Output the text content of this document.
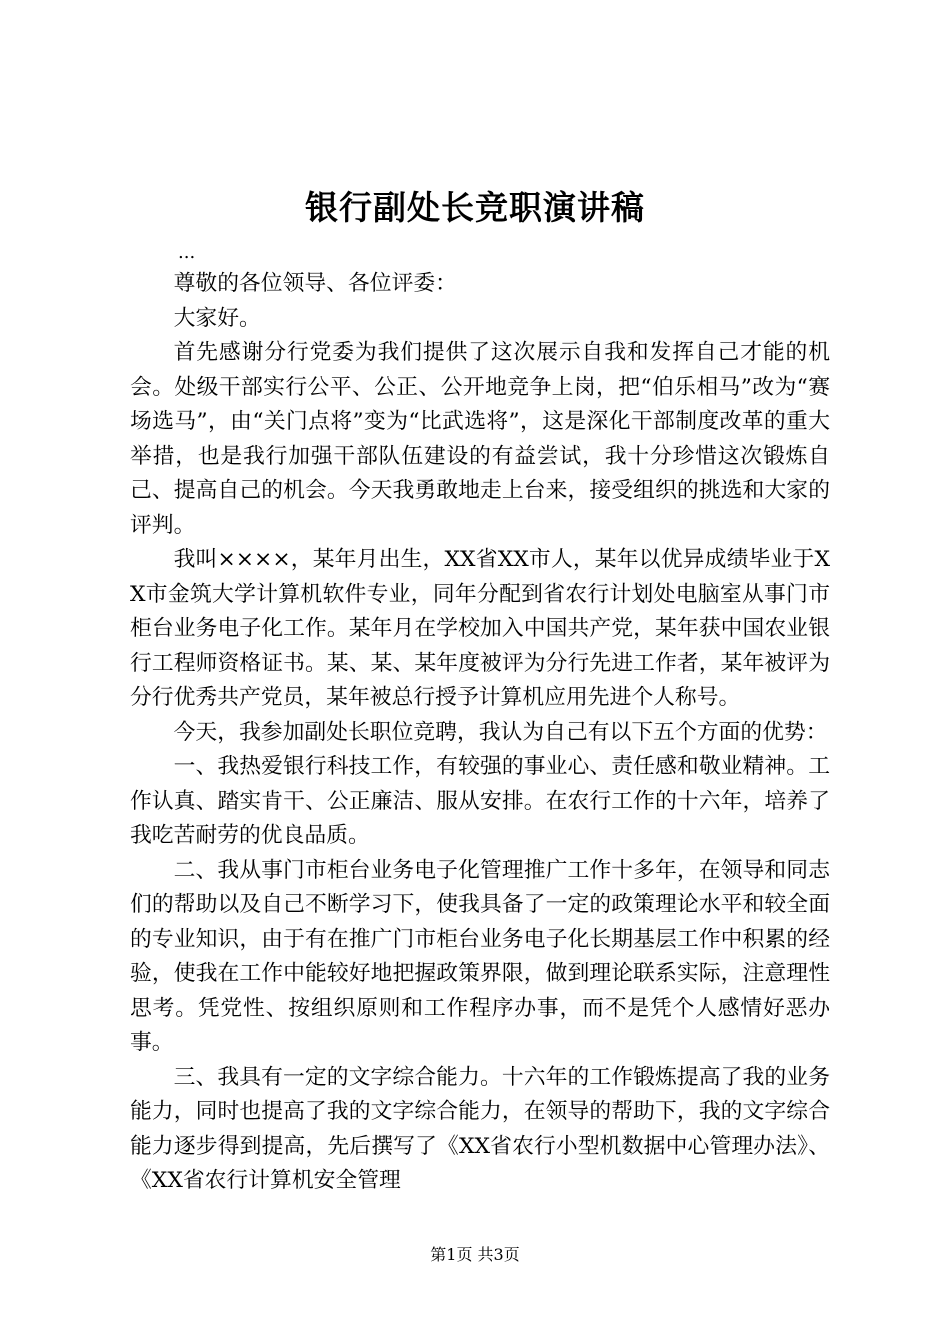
银行副处长竞职演讲稿

...

尊敬的各位领导、各位评委：

大家好。

首先感谢分行党委为我们提供了这次展示自我和发挥自己才能的机会。处级干部实行公平、公正、公开地竞争上岗，把“伯乐相马”改为“赛场选马”，由“关门点将”变为“比武选将”，这是深化干部制度改革的重大举措，也是我行加强干部队伍建设的有益尝试，我十分珍惜这次锻炼自己、提高自己的机会。今天我勇敢地走上台来，接受组织的挑选和大家的评判。

我叫××××，某年月出生，XX省XX市人，某年以优异成绩毕业于XX市金筑大学计算机软件专业，同年分配到省农行计划处电脑室从事门市柜台业务电子化工作。某年月在学校加入中国共产党，某年获中国农业银行工程师资格证书。某、某、某年度被评为分行先进工作者，某年被评为分行优秀共产党员，某年被总行授予计算机应用先进个人称号。

今天，我参加副处长职位竞聘，我认为自己有以下五个方面的优势：

一、我热爱银行科技工作，有较强的事业心、责任感和敬业精神。工作认真、踏实肯干、公正廉洁、服从安排。在农行工作的十六年，培养了我吃苦耐劳的优良品质。

二、我从事门市柜台业务电子化管理推广工作十多年，在领导和同志们的帮助以及自己不断学习下，使我具备了一定的政策理论水平和较全面的专业知识，由于有在推广门市柜台业务电子化长期基层工作中积累的经验，使我在工作中能较好地把握政策界限，做到理论联系实际，注意理性思考。凭党性、按组织原则和工作程序办事，而不是凭个人感情好恶办事。

三、我具有一定的文字综合能力。十六年的工作锻炼提高了我的业务能力，同时也提高了我的文字综合能力，在领导的帮助下，我的文字综合能力逐步得到提高，先后撰写了《XX省农行小型机数据中心管理办法》、《XX省农行计算机安全管理

第1页 共3页
